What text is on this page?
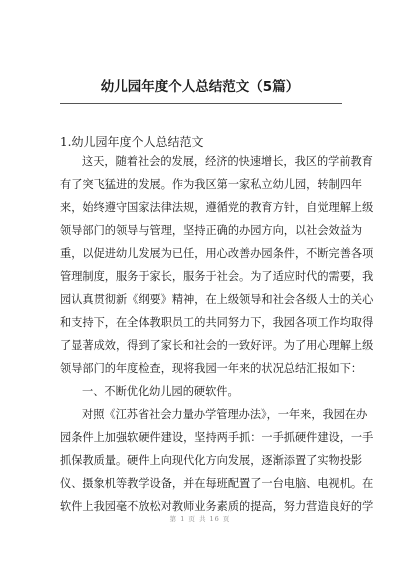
幼儿园年度个人总结范文（5篇）
1.幼儿园年度个人总结范文
这天，随着社会的发展，经济的快速增长，我区的学前教育
有了突飞猛进的发展。作为我区第一家私立幼儿园，转制四年
来，始终遵守国家法律法规，遵循党的教育方针，自觉理解上级
领导部门的领导与管理，坚持正确的办园方向，以社会效益为
重，以促进幼儿发展为已任，用心改善办园条件，不断完善各项
管理制度，服务于家长，服务于社会。为了适应时代的需要，我
园认真贯彻新《纲要》精神，在上级领导和社会各级人士的关心
和支持下，在全体教职员工的共同努力下，我园各项工作均取得
了显著成效，得到了家长和社会的一致好评。为了用心理解上级
领导部门的年度检查，现将我园一年来的状况总结汇报如下：
一、不断优化幼儿园的硬软件。
对照《江苏省社会力量办学管理办法》，一年来，我园在办
园条件上加强软硬件建设，坚持两手抓：一手抓硬件建设，一手
抓保教质量。硬件上向现代化方向发展，逐渐添置了实物投影
仪、摄象机等教学设备，并在每班配置了一台电脑、电视机。在
软件上我园毫不放松对教师业务素质的提高，努力营造良好的学
第 1 页 共 16 页
